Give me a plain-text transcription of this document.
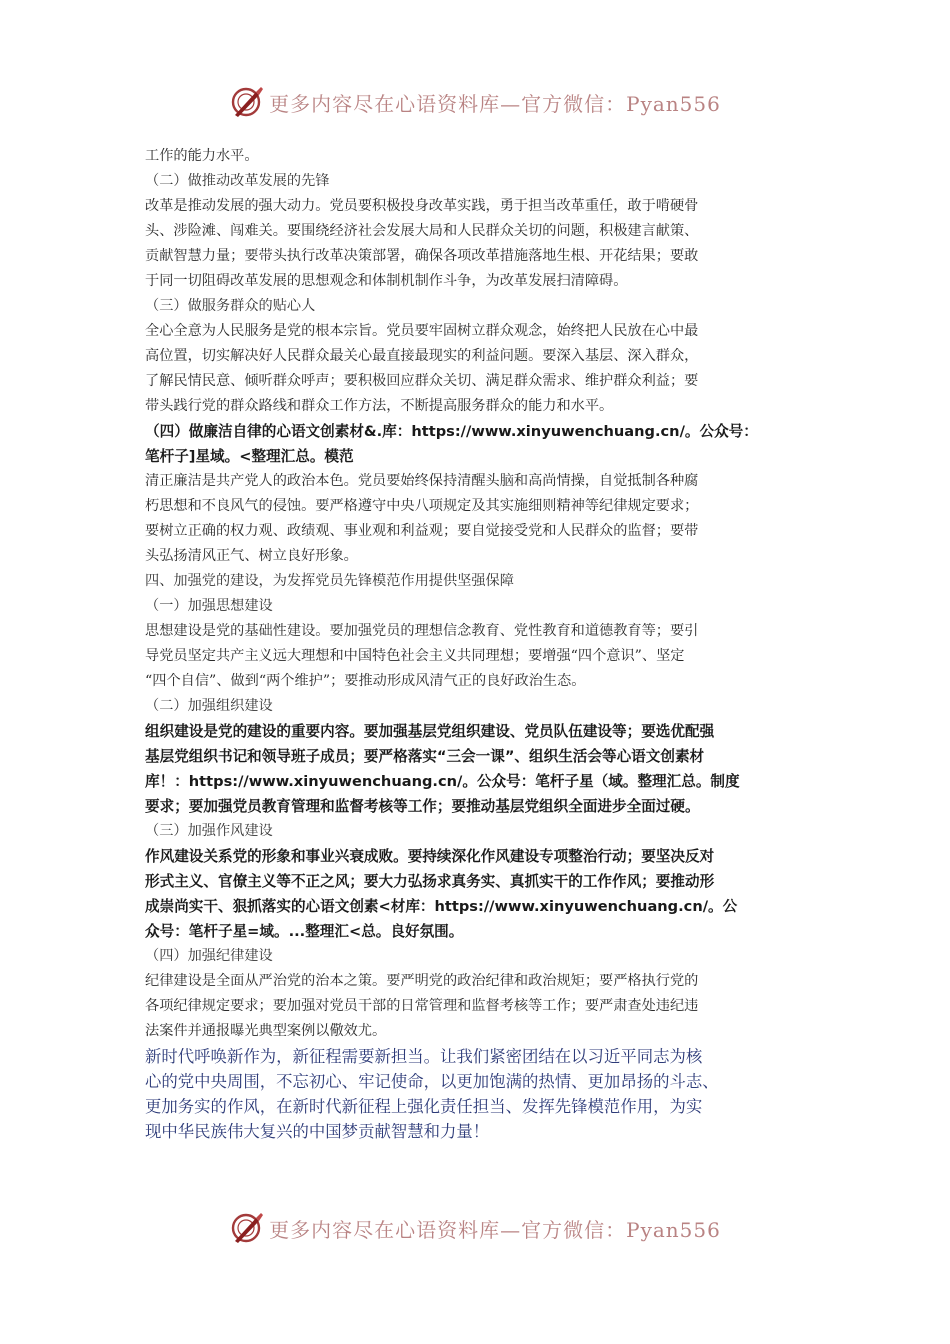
更多内容尽在心语资料库—官方微信：Pyan556
工作的能力水平。
（二）做推动改革发展的先锋
改革是推动发展的强大动力。党员要积极投身改革实践，勇于担当改革重任，敢于啃硬骨
头、涉险滩、闯难关。要围绕经济社会发展大局和人民群众关切的问题，积极建言献策、
贡献智慧力量；要带头执行改革决策部署，确保各项改革措施落地生根、开花结果；要敢
于同一切阻碍改革发展的思想观念和体制机制作斗争，为改革发展扫清障碍。
（三）做服务群众的贴心人
全心全意为人民服务是党的根本宗旨。党员要牢固树立群众观念，始终把人民放在心中最
高位置，切实解决好人民群众最关心最直接最现实的利益问题。要深入基层、深入群众，
了解民情民意、倾听群众呼声；要积极回应群众关切、满足群众需求、维护群众利益；要
带头践行党的群众路线和群众工作方法，不断提高服务群众的能力和水平。
（四）做廉洁自律的心语文创素材&.库：https://www.xinyuwenchuang.cn/。公众号：
笔杆子]星域。<整理汇总。模范
清正廉洁是共产党人的政治本色。党员要始终保持清醒头脑和高尚情操，自觉抵制各种腐
朽思想和不良风气的侵蚀。要严格遵守中央八项规定及其实施细则精神等纪律规定要求；
要树立正确的权力观、政绩观、事业观和利益观；要自觉接受党和人民群众的监督；要带
头弘扬清风正气、树立良好形象。
四、加强党的建设，为发挥党员先锋模范作用提供坚强保障
（一）加强思想建设
思想建设是党的基础性建设。要加强党员的理想信念教育、党性教育和道德教育等；要引
导党员坚定共产主义远大理想和中国特色社会主义共同理想；要增强“四个意识”、坚定
“四个自信”、做到“两个维护”；要推动形成风清气正的良好政治生态。
（二）加强组织建设
组织建设是党的建设的重要内容。要加强基层党组织建设、党员队伍建设等；要选优配强
基层党组织书记和领导班子成员；要严格落实“三会一课”、组织生活会等心语文创素材
库！：https://www.xinyuwenchuang.cn/。公众号：笔杆子星（域。整理汇总。制度
要求；要加强党员教育管理和监督考核等工作；要推动基层党组织全面进步全面过硬。
（三）加强作风建设
作风建设关系党的形象和事业兴衰成败。要持续深化作风建设专项整治行动；要坚决反对
形式主义、官僚主义等不正之风；要大力弘扬求真务实、真抓实干的工作作风；要推动形
成崇尚实干、狠抓落实的心语文创素<材库：https://www.xinyuwenchuang.cn/。公
众号：笔杆子星=域。...整理汇<总。良好氛围。
（四）加强纪律建设
纪律建设是全面从严治党的治本之策。要严明党的政治纪律和政治规矩；要严格执行党的
各项纪律规定要求；要加强对党员干部的日常管理和监督考核等工作；要严肃查处违纪违
法案件并通报曝光典型案例以儆效尤。
新时代呼唤新作为，新征程需要新担当。让我们紧密团结在以习近平同志为核
心的党中央周围，不忘初心、牢记使命，以更加饱满的热情、更加昂扬的斗志、
更加务实的作风，在新时代新征程上强化责任担当、发挥先锋模范作用，为实
现中华民族伟大复兴的中国梦贡献智慧和力量！
更多内容尽在心语资料库—官方微信：Pyan556
